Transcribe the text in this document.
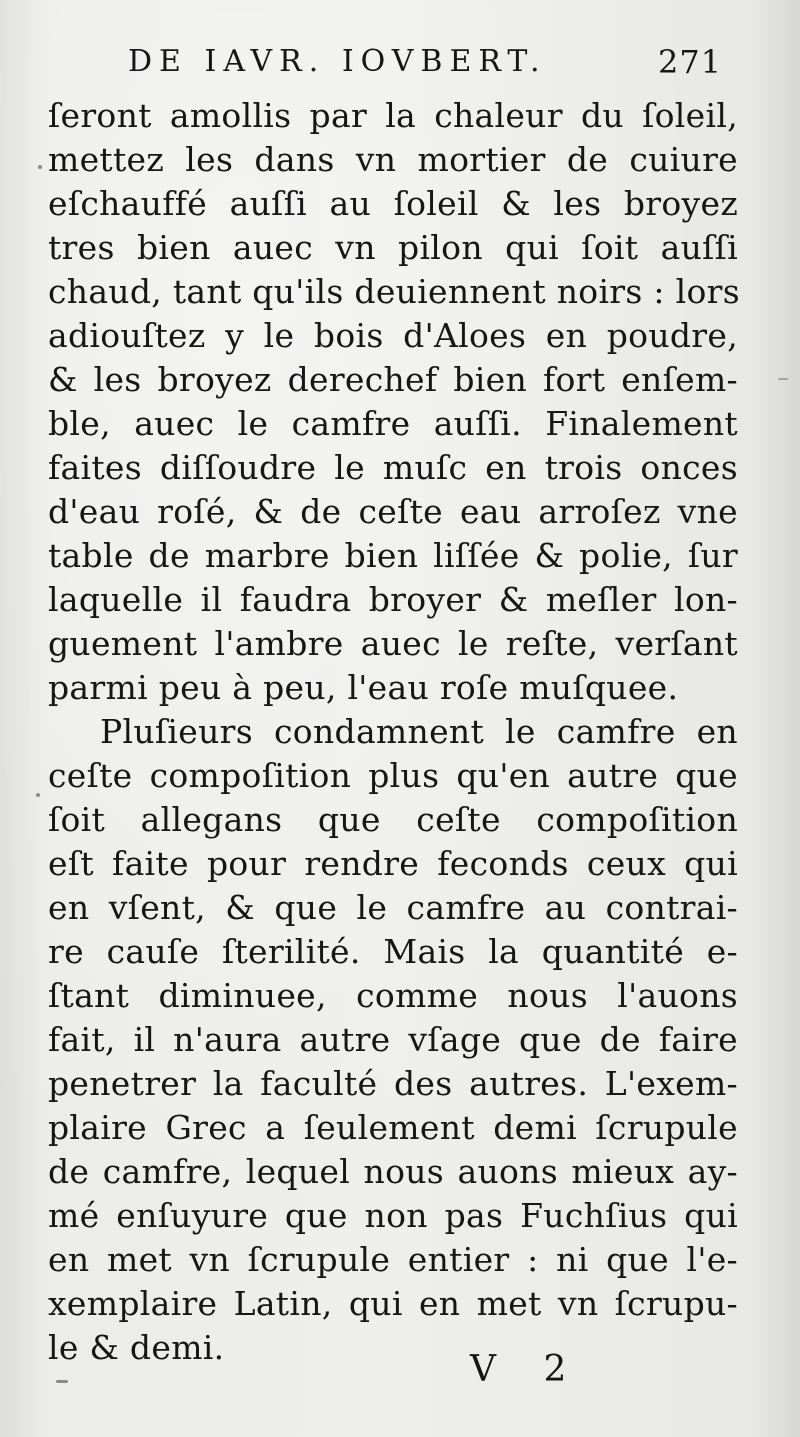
DE IAVR. IOVBERT.	271
ſeront amollis par la chaleur du ſoleil,
mettez les dans vn mortier de cuiure
eſchauffé auſſi au ſoleil & les broyez
tres bien auec vn pilon qui ſoit auſſi
chaud, tant qu'ils deuiennent noirs : lors
adiouſtez y le bois d'Aloes en poudre,
& les broyez derechef bien fort enſem-
ble, auec le camfre auſſi. Finalement
faites diſſoudre le muſc en trois onces
d'eau roſé, & de ceſte eau arroſez vne
table de marbre bien liſſée & polie, ſur
laquelle il faudra broyer & meſler lon-
guement l'ambre auec le reſte, verſant
parmi peu à peu, l'eau roſe muſquee.
Pluſieurs condamnent le camfre en
ceſte compoſition plus qu'en autre que
ſoit allegans que ceſte compoſition
eſt faite pour rendre feconds ceux qui
en vſent, & que le camfre au contrai-
re cauſe ſterilité. Mais la quantité e-
ſtant diminuee, comme nous l'auons
fait, il n'aura autre vſage que de faire
penetrer la faculté des autres. L'exem-
plaire Grec a ſeulement demi ſcrupule
de camfre, lequel nous auons mieux ay-
mé enſuyure que non pas Fuchſius qui
en met vn ſcrupule entier : ni que l'e-
xemplaire Latin, qui en met vn ſcrupu-
le & demi.
V 2
